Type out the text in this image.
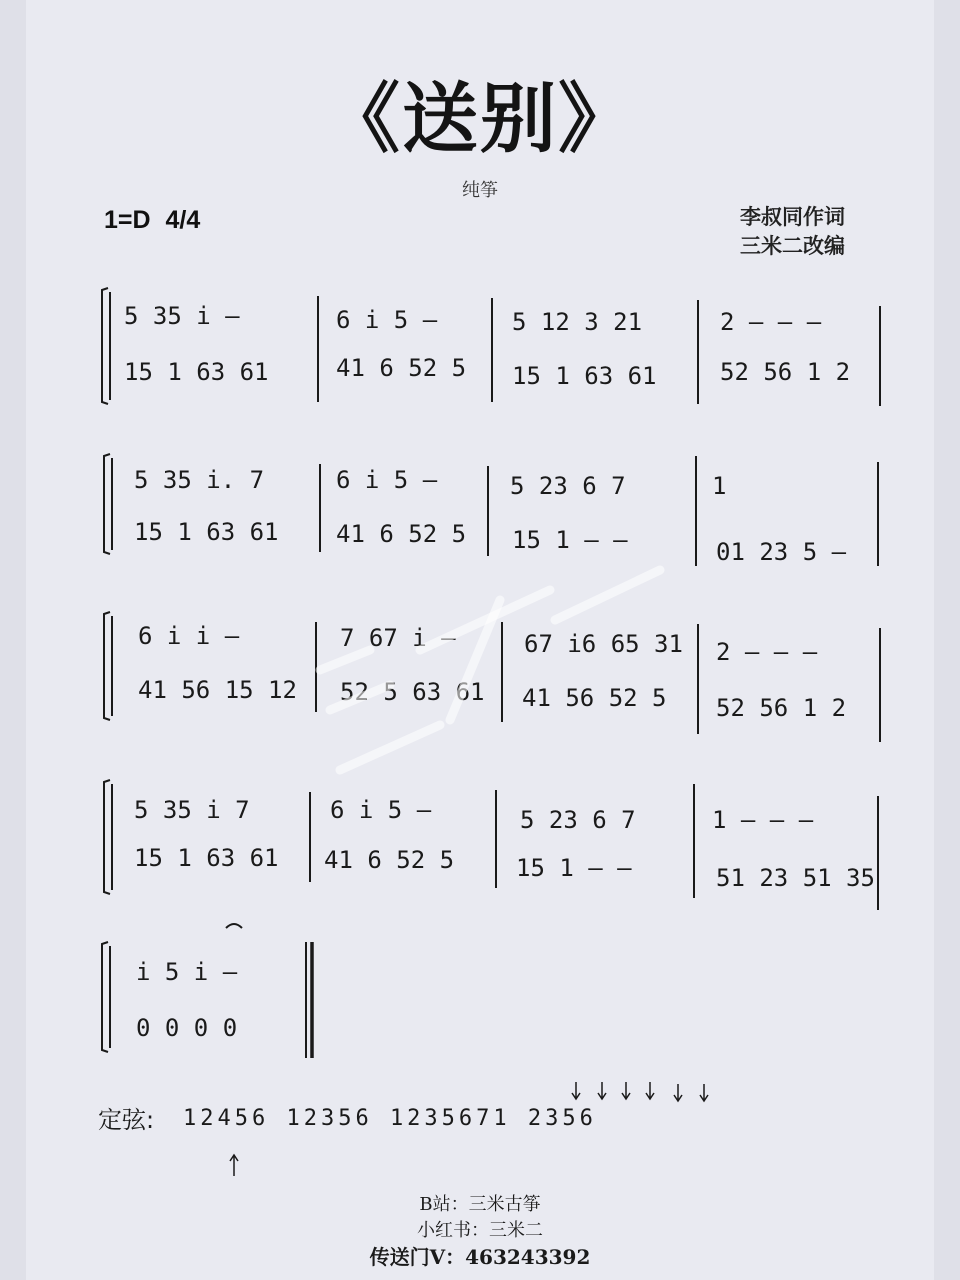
《送别》
纯筝
1=D 4/4	李叔同作词
三米二改编
5 35 i –
15 1 63 61
6 i 5 –
41 6 52 5
5 12 3 21
15 1 63 61
2 – – –
52 56 1 2
5 35 i. 7
15 1 63 61
6 i 5 –
41 6 52 5
5 23 6 7
15 1 – –
1
01 23 5 –
6 i i –
41 56 15 12
7 67 i –
52 5 63 61
67 i6 65 31
41 56 52 5
2 – – –
52 56 1 2
5 35 i 7
15 1 63 61
6 i 5 –
41 6 52 5
5 23 6 7
15 1 – –
1 – – –
51 23 51 35
i 5 i –
0 0 0 0
定弦: 12456 12356 1235671 2356
B站：三米古筝
小红书：三米二
传送门V：463243392
